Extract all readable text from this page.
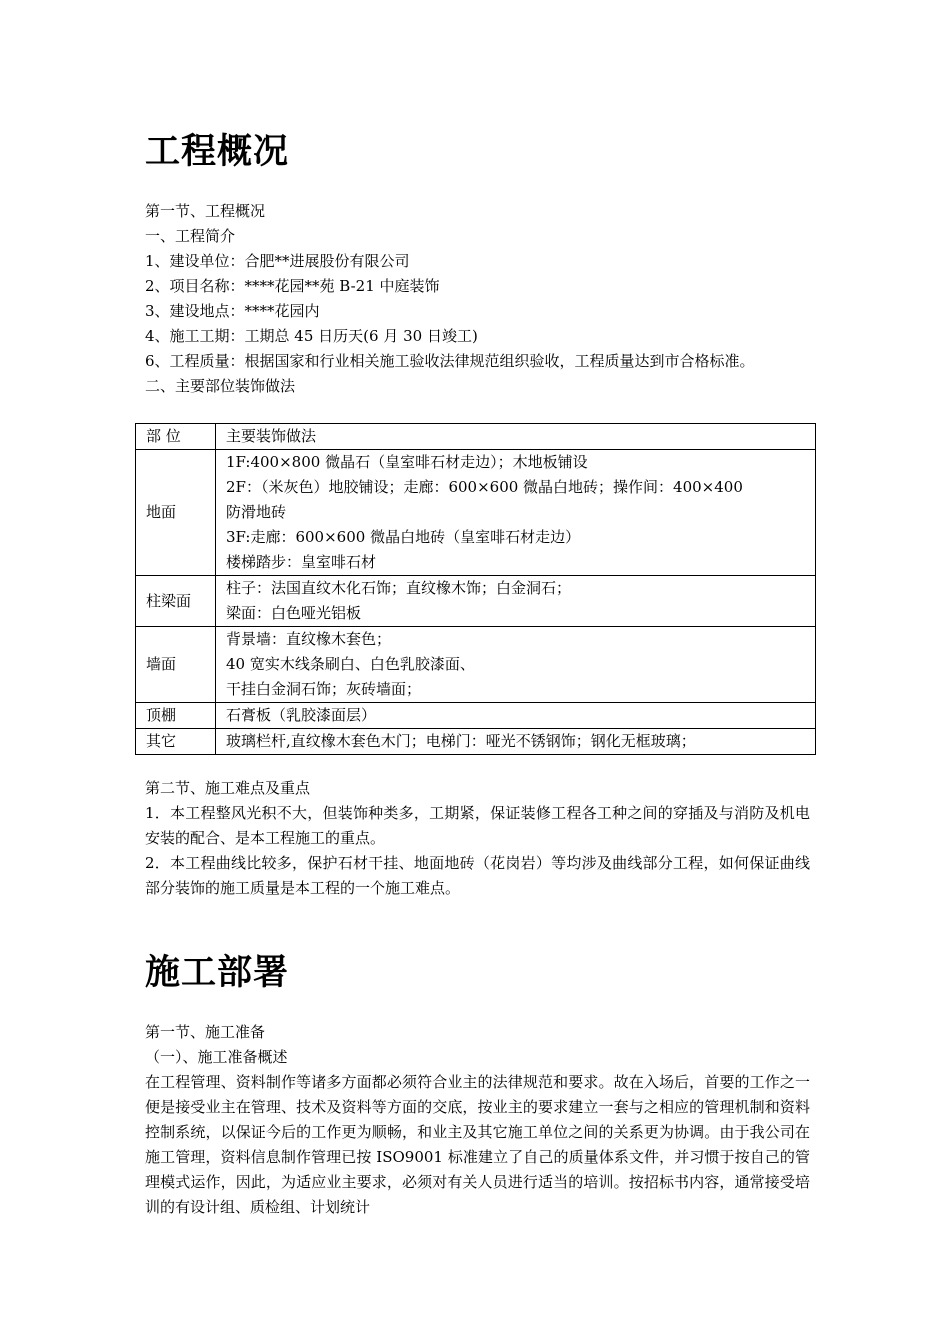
工程概况
第一节、工程概况
一、工程简介
1、建设单位：合肥**进展股份有限公司
2、项目名称：****花园**苑 B-21 中庭装饰
3、建设地点：****花园内
4、施工工期：工期总 45 日历天(6 月 30 日竣工)
6、工程质量：根据国家和行业相关施工验收法律规范组织验收，工程质量达到市合格标准。
二、主要部位装饰做法
第二节、施工难点及重点
1．本工程整风光积不大，但装饰种类多，工期紧，保证装修工程各工种之间的穿插及与消防及机电安装的配合、是本工程施工的重点。
2．本工程曲线比较多，保护石材干挂、地面地砖（花岗岩）等均涉及曲线部分工程，如何保证曲线部分装饰的施工质量是本工程的一个施工难点。
施工部署
第一节、施工准备
（一）、施工准备概述
在工程管理、资料制作等诸多方面都必须符合业主的法律规范和要求。故在入场后，首要的工作之一便是接受业主在管理、技术及资料等方面的交底，按业主的要求建立一套与之相应的管理机制和资料控制系统，以保证今后的工作更为顺畅，和业主及其它施工单位之间的关系更为协调。由于我公司在施工管理，资料信息制作管理已按 ISO9001 标准建立了自己的质量体系文件，并习惯于按自己的管理模式运作，因此，为适应业主要求，必须对有关人员进行适当的培训。按招标书内容，通常接受培训的有设计组、质检组、计划统计
部 位	主要装饰做法
地面	1F:400×800 微晶石（皇室啡石材走边）；木地板铺设
2F：（米灰色）地胶铺设；走廊：600×600 微晶白地砖；操作间：400×400
防滑地砖
3F:走廊：600×600 微晶白地砖（皇室啡石材走边）
楼梯踏步：皇室啡石材

柱梁面	柱子：法国直纹木化石饰；直纹橡木饰；白金洞石；
梁面：白色哑光铝板

墙面	背景墙：直纹橡木套色；
40 宽实木线条刷白、白色乳胶漆面、
干挂白金洞石饰；灰砖墙面；

顶棚	石膏板（乳胶漆面层）

其它	玻璃栏杆,直纹橡木套色木门；电梯门：哑光不锈钢饰；钢化无框玻璃；
